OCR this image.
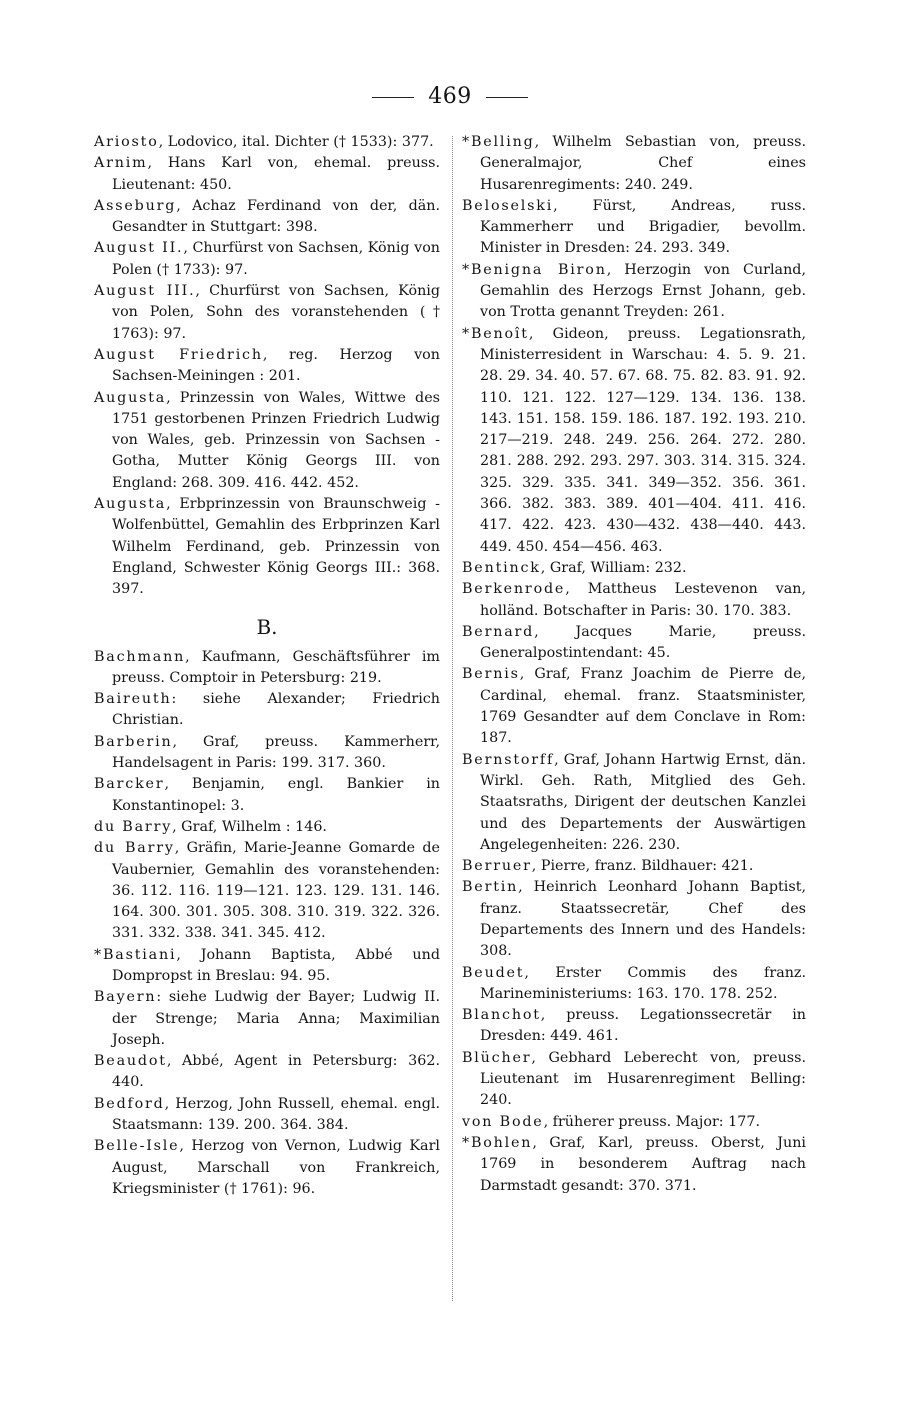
469

Ariosto, Lodovico, ital. Dichter († 1533): 377.

Arnim, Hans Karl von, ehemal. preuss. Lieutenant: 450.

Asseburg, Achaz Ferdinand von der, dän. Gesandter in Stuttgart: 398.

August II., Churfürst von Sachsen, König von Polen († 1733): 97.

August III., Churfürst von Sachsen, König von Polen, Sohn des voranstehenden († 1763): 97.

August Friedrich, reg. Herzog von Sachsen-Meiningen : 201.

Augusta, Prinzessin von Wales, Wittwe des 1751 gestorbenen Prinzen Friedrich Ludwig von Wales, geb. Prinzessin von Sachsen - Gotha, Mutter König Georgs III. von England: 268. 309. 416. 442. 452.

Augusta, Erbprinzessin von Braunschweig - Wolfenbüttel, Gemahlin des Erbprinzen Karl Wilhelm Ferdinand, geb. Prinzessin von England, Schwester König Georgs III.: 368. 397.

B.

Bachmann, Kaufmann, Geschäftsführer im preuss. Comptoir in Petersburg: 219.

Baireuth: siehe Alexander; Friedrich Christian.

Barberin, Graf, preuss. Kammerherr, Handelsagent in Paris: 199. 317. 360.

Barcker, Benjamin, engl. Bankier in Konstantinopel: 3.

du Barry, Graf, Wilhelm : 146.

du Barry, Gräfin, Marie-Jeanne Gomarde de Vaubernier, Gemahlin des voranstehenden: 36. 112. 116. 119—121. 123. 129. 131. 146. 164. 300. 301. 305. 308. 310. 319. 322. 326. 331. 332. 338. 341. 345. 412.

*Bastiani, Johann Baptista, Abbé und Dompropst in Breslau: 94. 95.

Bayern: siehe Ludwig der Bayer; Ludwig II. der Strenge; Maria Anna; Maximilian Joseph.

Beaudot, Abbé, Agent in Petersburg: 362. 440.

Bedford, Herzog, John Russell, ehemal. engl. Staatsmann: 139. 200. 364. 384.

Belle-Isle, Herzog von Vernon, Ludwig Karl August, Marschall von Frankreich, Kriegsminister († 1761): 96.

*Belling, Wilhelm Sebastian von, preuss. Generalmajor, Chef eines Husarenregiments: 240. 249.

Beloselski, Fürst, Andreas, russ. Kammerherr und Brigadier, bevollm. Minister in Dresden: 24. 293. 349.

*Benigna Biron, Herzogin von Curland, Gemahlin des Herzogs Ernst Johann, geb. von Trotta genannt Treyden: 261.

*Benoît, Gideon, preuss. Legationsrath, Ministerresident in Warschau: 4. 5. 9. 21. 28. 29. 34. 40. 57. 67. 68. 75. 82. 83. 91. 92. 110. 121. 122. 127—129. 134. 136. 138. 143. 151. 158. 159. 186. 187. 192. 193. 210. 217—219. 248. 249. 256. 264. 272. 280. 281. 288. 292. 293. 297. 303. 314. 315. 324. 325. 329. 335. 341. 349—352. 356. 361. 366. 382. 383. 389. 401—404. 411. 416. 417. 422. 423. 430—432. 438—440. 443. 449. 450. 454—456. 463.

Bentinck, Graf, William: 232.

Berkenrode, Mattheus Lestevenon van, holländ. Botschafter in Paris: 30. 170. 383.

Bernard, Jacques Marie, preuss. Generalpostintendant: 45.

Bernis, Graf, Franz Joachim de Pierre de, Cardinal, ehemal. franz. Staatsminister, 1769 Gesandter auf dem Conclave in Rom: 187.

Bernstorff, Graf, Johann Hartwig Ernst, dän. Wirkl. Geh. Rath, Mitglied des Geh. Staatsraths, Dirigent der deutschen Kanzlei und des Departements der Auswärtigen Angelegenheiten: 226. 230.

Berruer, Pierre, franz. Bildhauer: 421.

Bertin, Heinrich Leonhard Johann Baptist, franz. Staatssecretär, Chef des Departements des Innern und des Handels: 308.

Beudet, Erster Commis des franz. Marineministeriums: 163. 170. 178. 252.

Blanchot, preuss. Legationssecretär in Dresden: 449. 461.

Blücher, Gebhard Leberecht von, preuss. Lieutenant im Husarenregiment Belling: 240.

von Bode, früherer preuss. Major: 177.

*Bohlen, Graf, Karl, preuss. Oberst, Juni 1769 in besonderem Auftrag nach Darmstadt gesandt: 370. 371.
